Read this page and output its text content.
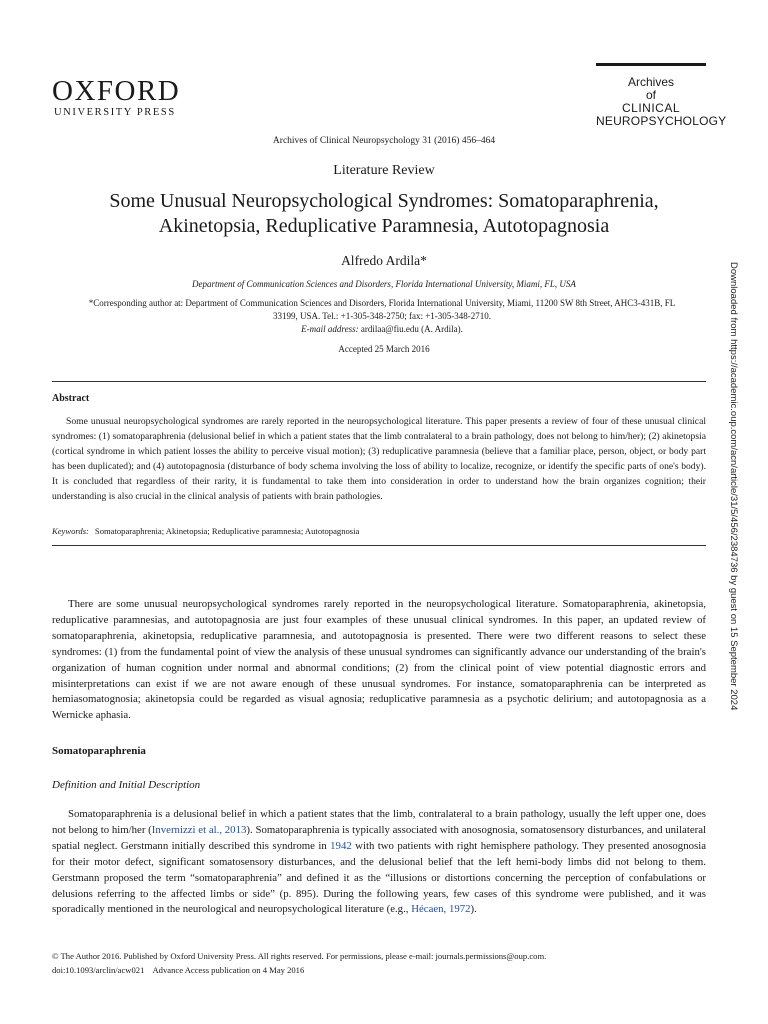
OXFORD
UNIVERSITY PRESS
Archives
of
CLINICAL
NEUROPSYCHOLOGY
Archives of Clinical Neuropsychology 31 (2016) 456–464
Literature Review
Some Unusual Neuropsychological Syndromes: Somatoparaphrenia,
Akinetopsia, Reduplicative Paramnesia, Autotopagnosia
Alfredo Ardila*
Department of Communication Sciences and Disorders, Florida International University, Miami, FL, USA
*Corresponding author at: Department of Communication Sciences and Disorders, Florida International University, Miami, 11200 SW 8th Street, AHC3-431B, FL
33199, USA. Tel.: +1-305-348-2750; fax: +1-305-348-2710.
E-mail address: ardilaa@fiu.edu (A. Ardila).
Accepted 25 March 2016
Abstract
Some unusual neuropsychological syndromes are rarely reported in the neuropsychological literature. This paper presents a review of four of these unusual clinical syndromes: (1) somatoparaphrenia (delusional belief in which a patient states that the limb contralateral to a brain pathology, does not belong to him/her); (2) akinetopsia (cortical syndrome in which patient losses the ability to perceive visual motion); (3) reduplicative paramnesia (believe that a familiar place, person, object, or body part has been duplicated); and (4) autotopagnosia (disturbance of body schema involving the loss of ability to localize, recognize, or identify the specific parts of one's body). It is concluded that regardless of their rarity, it is fundamental to take them into consideration in order to understand how the brain organizes cognition; their understanding is also crucial in the clinical analysis of patients with brain pathologies.
Keywords: Somatoparaphrenia; Akinetopsia; Reduplicative paramnesia; Autotopagnosia
There are some unusual neuropsychological syndromes rarely reported in the neuropsychological literature. Somatoparaphrenia, akinetopsia, reduplicative paramnesias, and autotopagnosia are just four examples of these unusual clinical syndromes. In this paper, an updated review of somatoparaphrenia, akinetopsia, reduplicative paramnesia, and autotopagnosia is presented. There were two different reasons to select these syndromes: (1) from the fundamental point of view the analysis of these unusual syndromes can significantly advance our understanding of the brain's organization of human cognition under normal and abnormal conditions; (2) from the clinical point of view potential diagnostic errors and misinterpretations can exist if we are not aware enough of these unusual syndromes. For instance, somatoparaphrenia can be interpreted as hemiasomatognosia; akinetopsia could be regarded as visual agnosia; reduplicative paramnesia as a psychotic delirium; and autotopagnosia as a Wernicke aphasia.
Somatoparaphrenia
Definition and Initial Description
Somatoparaphrenia is a delusional belief in which a patient states that the limb, contralateral to a brain pathology, usually the left upper one, does not belong to him/her (Invernizzi et al., 2013). Somatoparaphrenia is typically associated with anosognosia, somatosensory disturbances, and unilateral spatial neglect. Gerstmann initially described this syndrome in 1942 with two patients with right hemisphere pathology. They presented anosognosia for their motor defect, significant somatosensory disturbances, and the delusional belief that the left hemi-body limbs did not belong to them. Gerstmann proposed the term “somatoparaphrenia” and defined it as the “illusions or distortions concerning the perception of confabulations or delusions referring to the affected limbs or side” (p. 895). During the following years, few cases of this syndrome were published, and it was sporadically mentioned in the neurological and neuropsychological literature (e.g., Hécaen, 1972).
© The Author 2016. Published by Oxford University Press. All rights reserved. For permissions, please e-mail: journals.permissions@oup.com.
doi:10.1093/arclin/acw021    Advance Access publication on 4 May 2016
Downloaded from https://academic.oup.com/acn/article/31/5/456/2384736 by guest on 15 September 2024
